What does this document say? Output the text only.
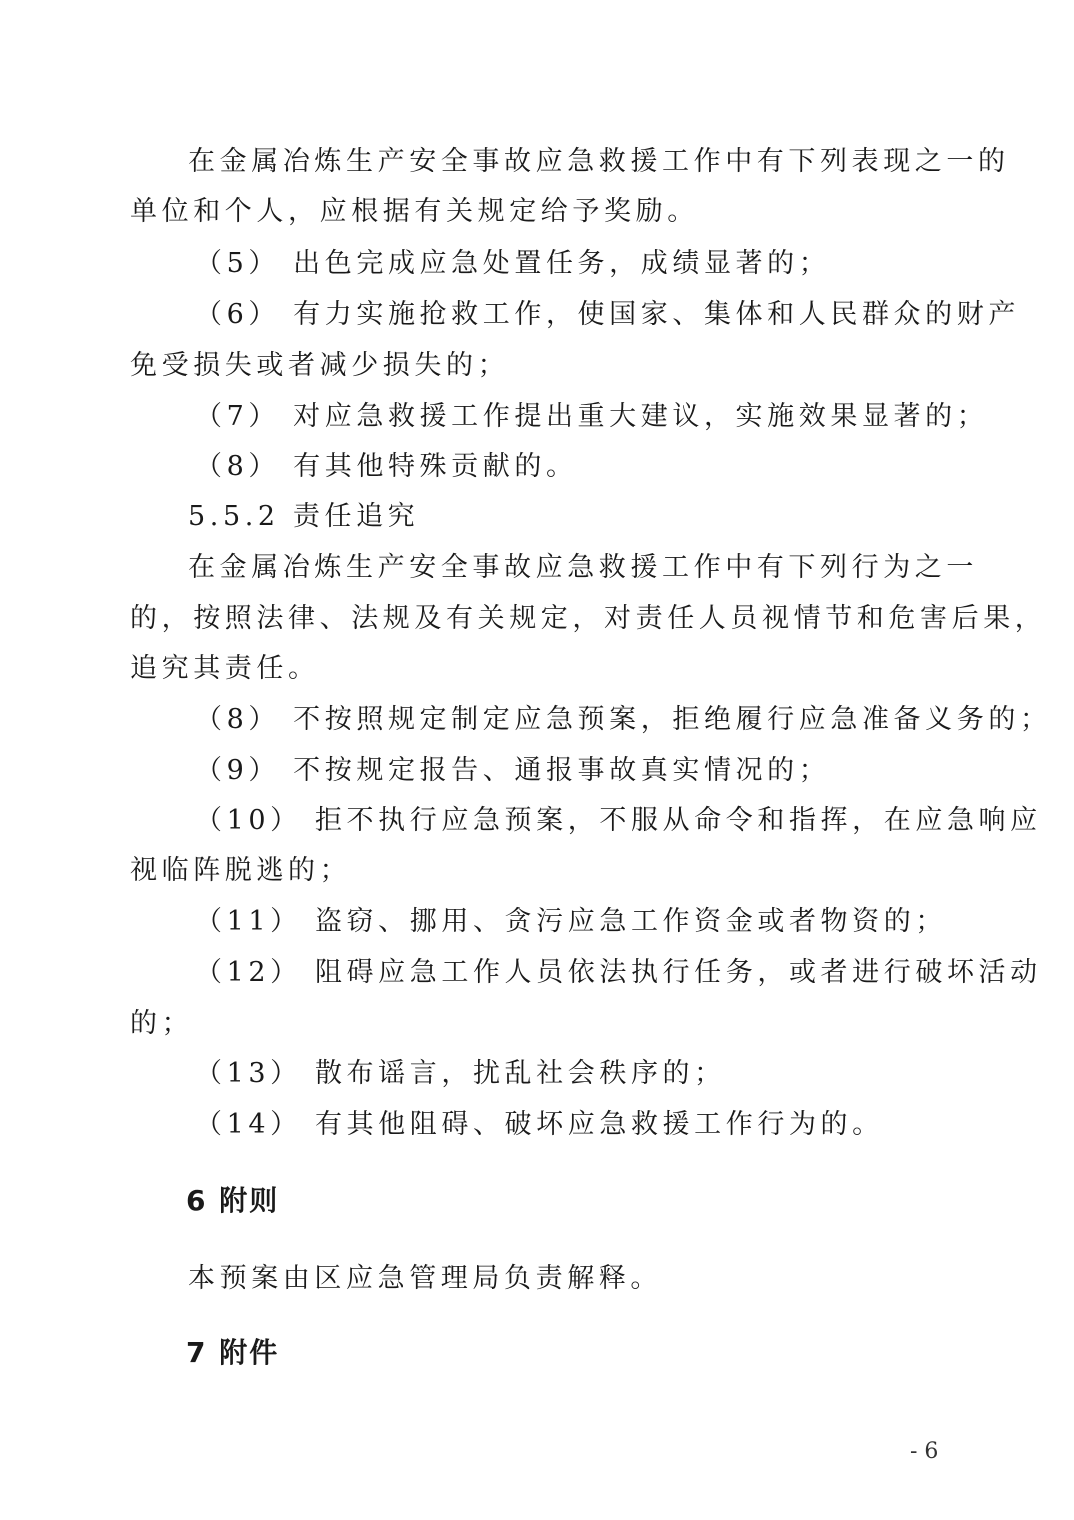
在金属冶炼生产安全事故应急救援工作中有下列表现之一的
单位和个人，应根据有关规定给予奖励。
（5） 出色完成应急处置任务，成绩显著的；
（6） 有力实施抢救工作，使国家、集体和人民群众的财产
免受损失或者减少损失的；
（7） 对应急救援工作提出重大建议，实施效果显著的；
（8） 有其他特殊贡献的。
5.5.2 责任追究
在金属冶炼生产安全事故应急救援工作中有下列行为之一
的，按照法律、法规及有关规定，对责任人员视情节和危害后果，
追究其责任。
（8） 不按照规定制定应急预案，拒绝履行应急准备义务的；
（9） 不按规定报告、通报事故真实情况的；
（10） 拒不执行应急预案，不服从命令和指挥，在应急响应
视临阵脱逃的；
（11） 盗窃、挪用、贪污应急工作资金或者物资的；
（12） 阻碍应急工作人员依法执行任务，或者进行破坏活动
的；
（13） 散布谣言，扰乱社会秩序的；
（14） 有其他阻碍、破坏应急救援工作行为的。
6 附则
本预案由区应急管理局负责解释。
7 附件
- 6
